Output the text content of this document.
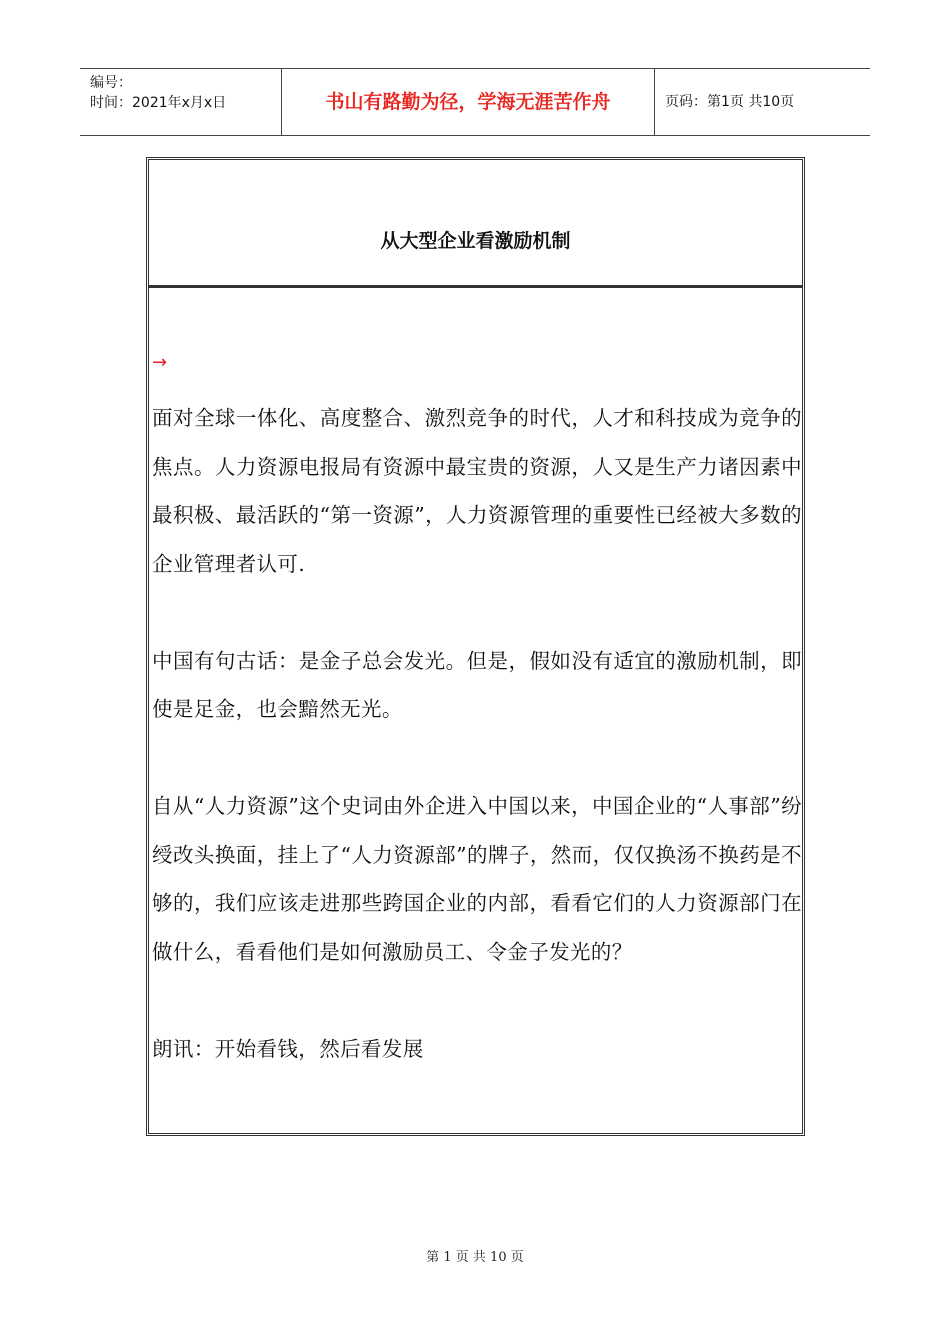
编号：
时间：2021年x月x日	书山有路勤为径，学海无涯苦作舟	页码：第1页 共10页
从大型企业看激励机制
→

面对全球一体化、高度整合、激烈竞争的时代，人才和科技成为竞争的焦点。人力资源电报局有资源中最宝贵的资源，人又是生产力诸因素中最积极、最活跃的“第一资源”，人力资源管理的重要性已经被大多数的企业管理者认可.

中国有句古话：是金子总会发光。但是，假如没有适宜的激励机制，即使是足金，也会黯然无光。

自从“人力资源”这个史词由外企进入中国以来，中国企业的“人事部”纷绶改头换面，挂上了“人力资源部”的牌子，然而，仅仅换汤不换药是不够的，我们应该走进那些跨国企业的内部，看看它们的人力资源部门在做什么，看看他们是如何激励员工、令金子发光的？

朗讯：开始看钱，然后看发展

第 1 页 共 10 页
